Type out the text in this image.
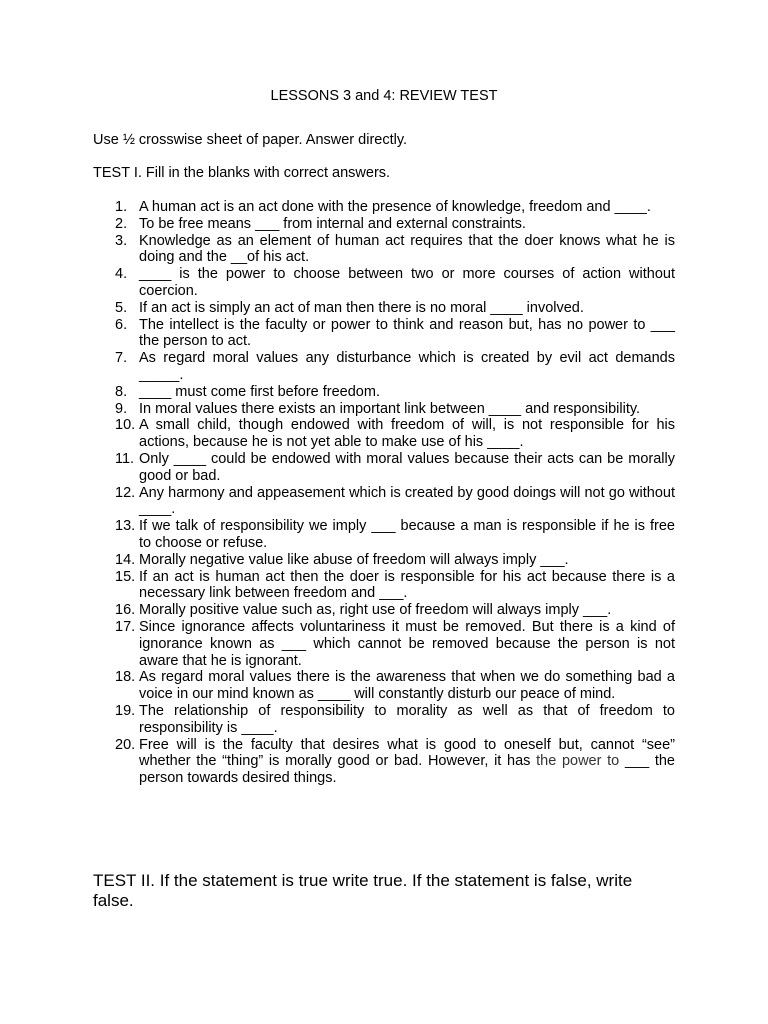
LESSONS 3 and 4: REVIEW TEST
Use ½ crosswise sheet of paper. Answer directly.
TEST I. Fill in the blanks with correct answers.
1. A human act is an act done with the presence of knowledge, freedom and ____.
2. To be free means ___ from internal and external constraints.
3. Knowledge as an element of human act requires that the doer knows what he is doing and the __of his act.
4. ____ is the power to choose between two or more courses of action without coercion.
5. If an act is simply an act of man then there is no moral ____ involved.
6. The intellect is the faculty or power to think and reason but, has no power to ___ the person to act.
7. As regard moral values any disturbance which is created by evil act demands _____.
8. ____ must come first before freedom.
9. In moral values there exists an important link between ____ and responsibility.
10. A small child, though endowed with freedom of will, is not responsible for his actions, because he is not yet able to make use of his ____.
11. Only ____ could be endowed with moral values because their acts can be morally good or bad.
12. Any harmony and appeasement which is created by good doings will not go without ____.
13. If we talk of responsibility we imply ___ because a man is responsible if he is free to choose or refuse.
14. Morally negative value like abuse of freedom will always imply ___.
15. If an act is human act then the doer is responsible for his act because there is a necessary link between freedom and ___.
16. Morally positive value such as, right use of freedom will always imply ___.
17. Since ignorance affects voluntariness it must be removed. But there is a kind of ignorance known as ___ which cannot be removed because the person is not aware that he is ignorant.
18. As regard moral values there is the awareness that when we do something bad a voice in our mind known as ____ will constantly disturb our peace of mind.
19. The relationship of responsibility to morality as well as that of freedom to responsibility is ____.
20. Free will is the faculty that desires what is good to oneself but, cannot “see” whether the “thing” is morally good or bad. However, it has the power to ___ the person towards desired things.
TEST II. If the statement is true write true. If the statement is false, write false.
